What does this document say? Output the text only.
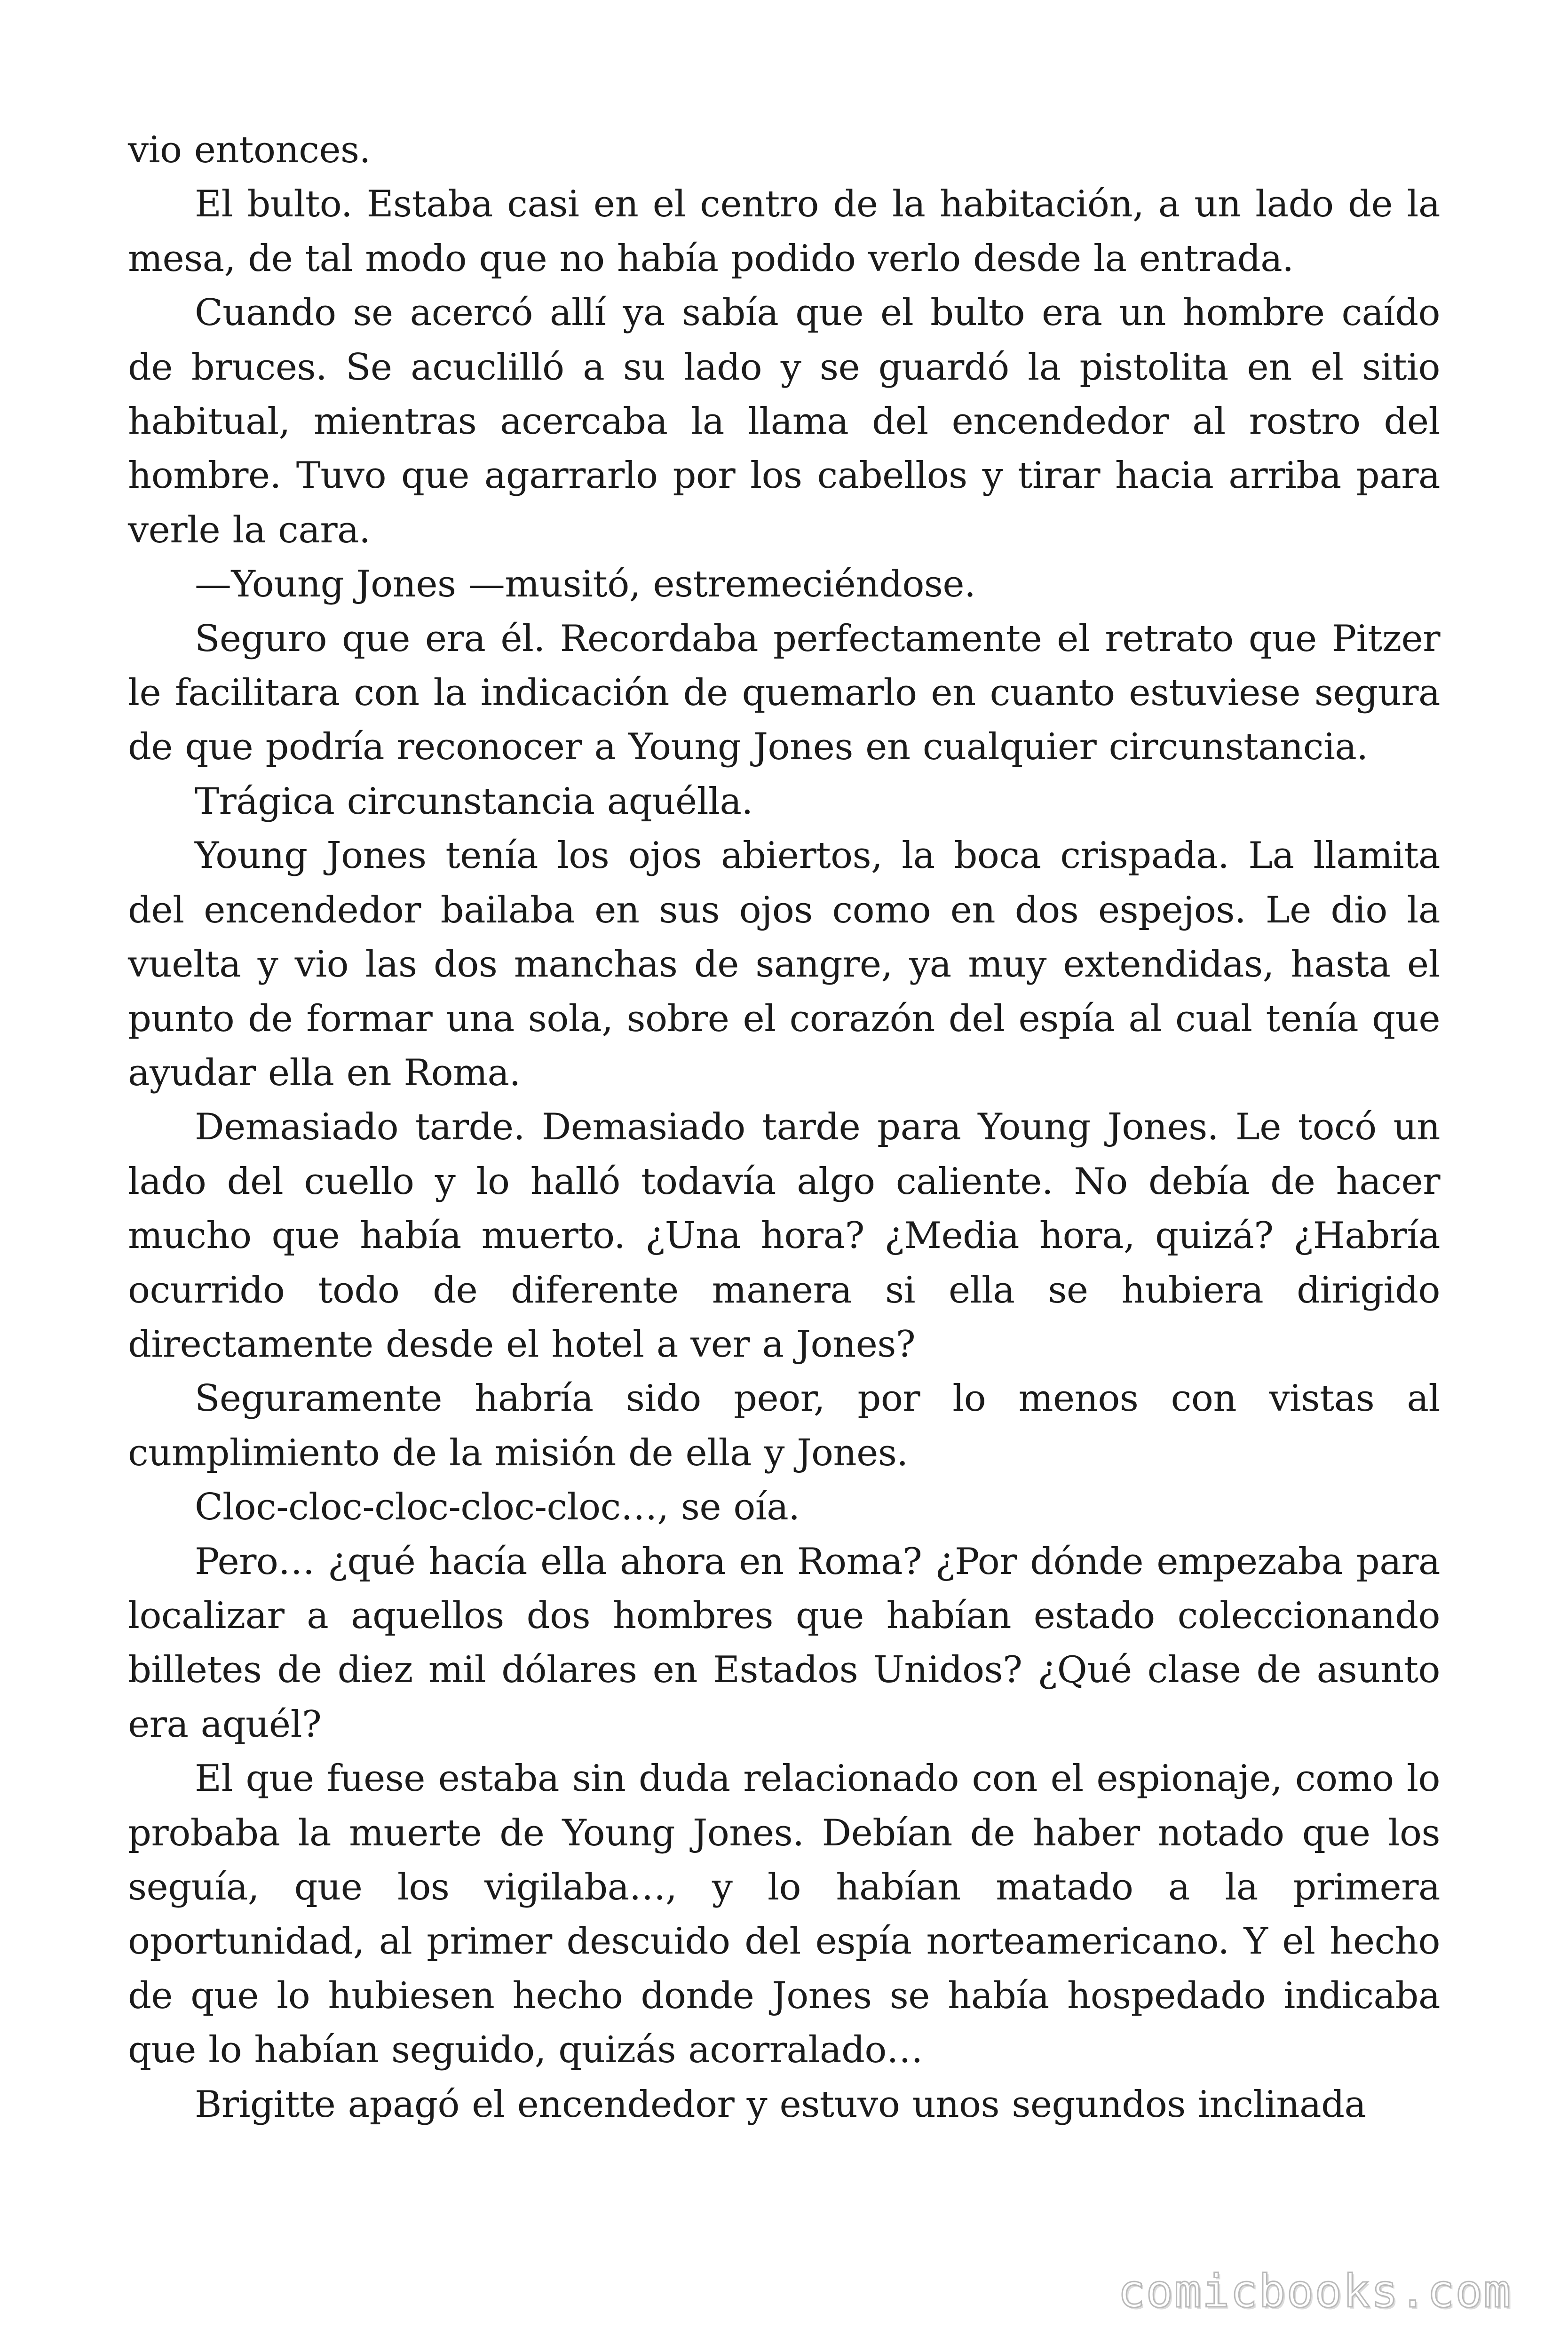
vio entonces.

El bulto. Estaba casi en el centro de la habitación, a un lado de la mesa, de tal modo que no había podido verlo desde la entrada.

Cuando se acercó allí ya sabía que el bulto era un hombre caído de bruces. Se acuclilló a su lado y se guardó la pistolita en el sitio habitual, mientras acercaba la llama del encendedor al rostro del hombre. Tuvo que agarrarlo por los cabellos y tirar hacia arriba para verle la cara.

—Young Jones —musitó, estremeciéndose.

Seguro que era él. Recordaba perfectamente el retrato que Pitzer le facilitara con la indicación de quemarlo en cuanto estuviese segura de que podría reconocer a Young Jones en cualquier circunstancia.

Trágica circunstancia aquélla.

Young Jones tenía los ojos abiertos, la boca crispada. La llamita del encendedor bailaba en sus ojos como en dos espejos. Le dio la vuelta y vio las dos manchas de sangre, ya muy extendidas, hasta el punto de formar una sola, sobre el corazón del espía al cual tenía que ayudar ella en Roma.

Demasiado tarde. Demasiado tarde para Young Jones. Le tocó un lado del cuello y lo halló todavía algo caliente. No debía de hacer mucho que había muerto. ¿Una hora? ¿Media hora, quizá? ¿Habría ocurrido todo de diferente manera si ella se hubiera dirigido directamente desde el hotel a ver a Jones?

Seguramente habría sido peor, por lo menos con vistas al cumplimiento de la misión de ella y Jones.

Cloc-cloc-cloc-cloc-cloc…, se oía.

Pero… ¿qué hacía ella ahora en Roma? ¿Por dónde empezaba para localizar a aquellos dos hombres que habían estado coleccionando billetes de diez mil dólares en Estados Unidos? ¿Qué clase de asunto era aquél?

El que fuese estaba sin duda relacionado con el espionaje, como lo probaba la muerte de Young Jones. Debían de haber notado que los seguía, que los vigilaba…, y lo habían matado a la primera oportunidad, al primer descuido del espía norteamericano. Y el hecho de que lo hubiesen hecho donde Jones se había hospedado indicaba que lo habían seguido, quizás acorralado…

Brigitte apagó el encendedor y estuvo unos segundos inclinada

comicbooks.com
